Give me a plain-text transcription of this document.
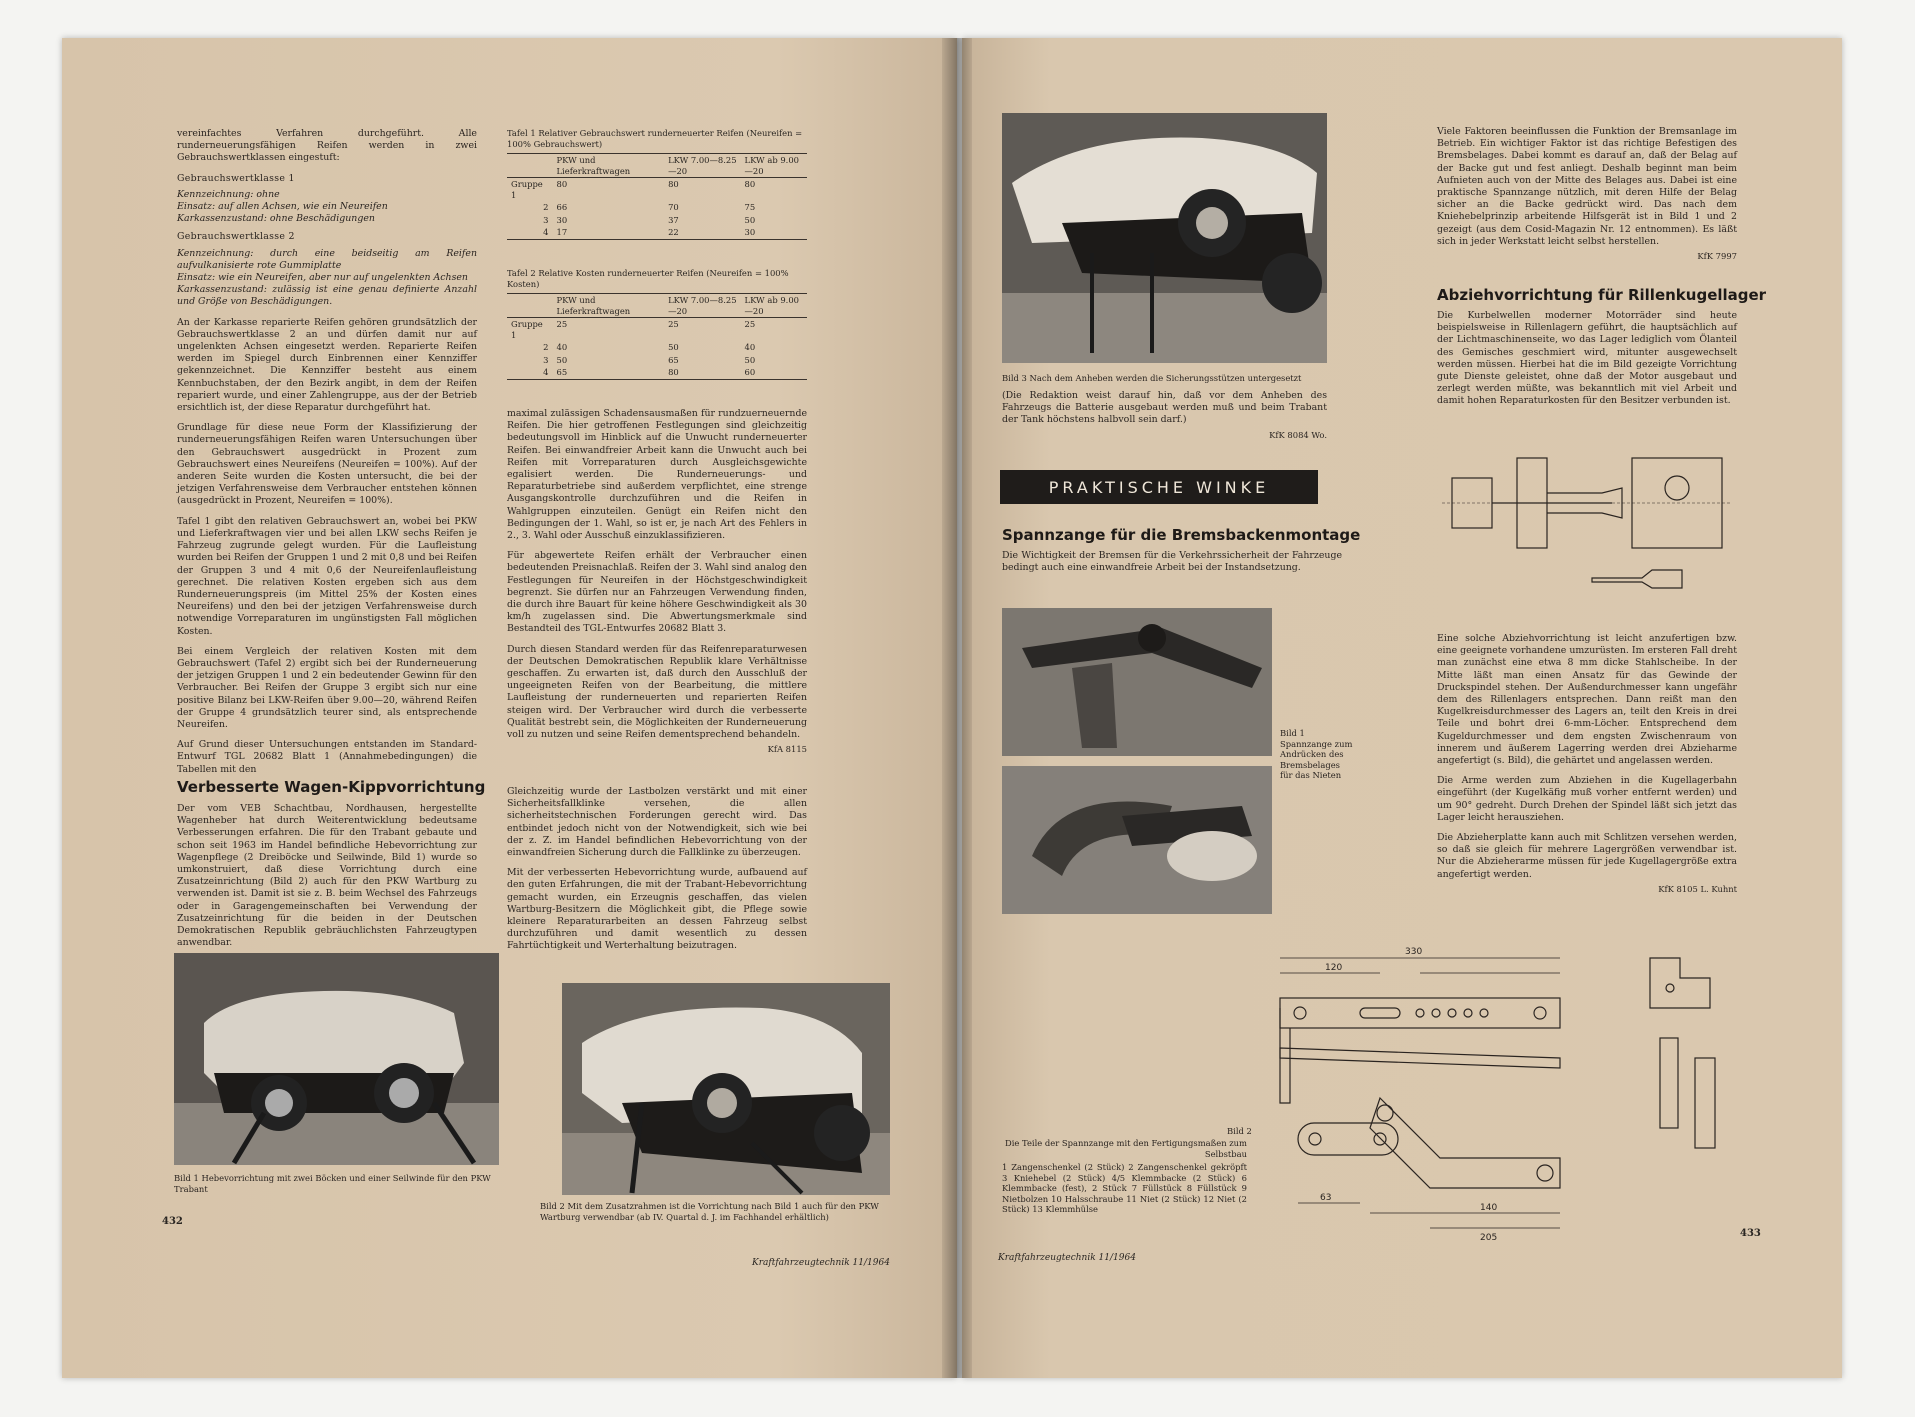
vereinfachtes Verfahren durchgeführt. Alle runderneuerungsfähigen Reifen werden in zwei Gebrauchswertklassen eingestuft:

Gebrauchswertklasse 1
Kennzeichnung: ohne
Einsatz: auf allen Achsen, wie ein Neureifen
Karkassenzustand: ohne Beschädigungen
Gebrauchswertklasse 2
Kennzeichnung: durch eine beidseitig am Reifen aufvulkanisierte rote Gummiplatte
Einsatz: wie ein Neureifen, aber nur auf ungelenkten Achsen
Karkassenzustand: zulässig ist eine genau definierte Anzahl und Größe von Beschädigungen.

An der Karkasse reparierte Reifen gehören grundsätzlich der Gebrauchswertklasse 2 an und dürfen damit nur auf ungelenkten Achsen eingesetzt werden. Reparierte Reifen werden im Spiegel durch Einbrennen einer Kennziffer gekennzeichnet. Die Kennziffer besteht aus einem Kennbuchstaben, der den Bezirk angibt, in dem der Reifen repariert wurde, und einer Zahlengruppe, aus der der Betrieb ersichtlich ist, der diese Reparatur durchgeführt hat.

Grundlage für diese neue Form der Klassifizierung der runderneuerungsfähigen Reifen waren Untersuchungen über den Gebrauchswert ausgedrückt in Prozent zum Gebrauchswert eines Neureifens (Neureifen = 100%). Auf der anderen Seite wurden die Kosten untersucht, die bei der jetzigen Verfahrensweise dem Verbraucher entstehen können (ausgedrückt in Prozent, Neureifen = 100%).

Tafel 1 gibt den relativen Gebrauchswert an, wobei bei PKW und Lieferkraftwagen vier und bei allen LKW sechs Reifen je Fahrzeug zugrunde gelegt wurden. Für die Laufleistung wurden bei Reifen der Gruppen 1 und 2 mit 0,8 und bei Reifen der Gruppen 3 und 4 mit 0,6 der Neureifenlaufleistung gerechnet. Die relativen Kosten ergeben sich aus dem Runderneuerungspreis (im Mittel 25% der Kosten eines Neureifens) und den bei der jetzigen Verfahrensweise durch notwendige Vorreparaturen im ungünstigsten Fall möglichen Kosten.

Bei einem Vergleich der relativen Kosten mit dem Gebrauchswert (Tafel 2) ergibt sich bei der Runderneuerung der jetzigen Gruppen 1 und 2 ein bedeutender Gewinn für den Verbraucher. Bei Reifen der Gruppe 3 ergibt sich nur eine positive Bilanz bei LKW-Reifen über 9.00—20, während Reifen der Gruppe 4 grundsätzlich teurer sind, als entsprechende Neureifen.

Auf Grund dieser Untersuchungen entstanden im Standard-Entwurf TGL 20682 Blatt 1 (Annahmebedingungen) die Tabellen mit den

Tafel 1 Relativer Gebrauchswert runderneuerter Reifen (Neureifen = 100% Gebrauchswert)
	PKW und Lieferkraftwagen	LKW 7.00—8.25—20	LKW ab 9.00—20
Gruppe 1	80	80	80
2	66	70	75
3	30	37	50
4	17	22	30
Tafel 2 Relative Kosten runderneuerter Reifen (Neureifen = 100% Kosten)
	PKW und Lieferkraftwagen	LKW 7.00—8.25—20	LKW ab 9.00—20
Gruppe 1	25	25	25
2	40	50	40
3	50	65	50
4	65	80	60

maximal zulässigen Schadensausmaßen für rundzuerneuernde Reifen. Die hier getroffenen Festlegungen sind gleichzeitig bedeutungsvoll im Hinblick auf die Unwucht runderneuerter Reifen. Bei einwandfreier Arbeit kann die Unwucht auch bei Reifen mit Vorreparaturen durch Ausgleichsgewichte egalisiert werden. Die Runderneuerungs- und Reparaturbetriebe sind außerdem verpflichtet, eine strenge Ausgangskontrolle durchzuführen und die Reifen in Wahlgruppen einzuteilen. Genügt ein Reifen nicht den Bedingungen der 1. Wahl, so ist er, je nach Art des Fehlers in 2., 3. Wahl oder Ausschuß einzuklassifizieren.

Für abgewertete Reifen erhält der Verbraucher einen bedeutenden Preisnachlaß. Reifen der 3. Wahl sind analog den Festlegungen für Neureifen in der Höchstgeschwindigkeit begrenzt. Sie dürfen nur an Fahrzeugen Verwendung finden, die durch ihre Bauart für keine höhere Geschwindigkeit als 30 km/h zugelassen sind. Die Abwertungsmerkmale sind Bestandteil des TGL-Entwurfes 20682 Blatt 3.

Durch diesen Standard werden für das Reifenreparaturwesen der Deutschen Demokratischen Republik klare Verhältnisse geschaffen. Zu erwarten ist, daß durch den Ausschluß der ungeeigneten Reifen von der Bearbeitung, die mittlere Laufleistung der runderneuerten und reparierten Reifen steigen wird. Der Verbraucher wird durch die verbesserte Qualität bestrebt sein, die Möglichkeiten der Runderneuerung voll zu nutzen und seine Reifen dementsprechend behandeln.

KfA 8115
Verbesserte Wagen-Kippvorrichtung

Der vom VEB Schachtbau, Nordhausen, hergestellte Wagenheber hat durch Weiterentwicklung bedeutsame Verbesserungen erfahren. Die für den Trabant gebaute und schon seit 1963 im Handel befindliche Hebevorrichtung zur Wagenpflege (2 Dreiböcke und Seilwinde, Bild 1) wurde so umkonstruiert, daß diese Vorrichtung durch eine Zusatzeinrichtung (Bild 2) auch für den PKW Wartburg zu verwenden ist. Damit ist sie z. B. beim Wechsel des Fahrzeugs oder in Garagengemeinschaften bei Verwendung der Zusatzeinrichtung für die beiden in der Deutschen Demokratischen Republik gebräuchlichsten Fahrzeugtypen anwendbar.

Gleichzeitig wurde der Lastbolzen verstärkt und mit einer Sicherheitsfallklinke versehen, die allen sicherheitstechnischen Forderungen gerecht wird. Das entbindet jedoch nicht von der Notwendigkeit, sich wie bei der z. Z. im Handel befindlichen Hebevorrichtung von der einwandfreien Sicherung durch die Fallklinke zu überzeugen.

Mit der verbesserten Hebevorrichtung wurde, aufbauend auf den guten Erfahrungen, die mit der Trabant-Hebevorrichtung gemacht wurden, ein Erzeugnis geschaffen, das vielen Wartburg-Besitzern die Möglichkeit gibt, die Pflege sowie kleinere Reparaturarbeiten an dessen Fahrzeug selbst durchzuführen und damit wesentlich zu dessen Fahrtüchtigkeit und Werterhaltung beizutragen.

Bild 1 Hebevorrichtung mit zwei Böcken und einer Seilwinde für den PKW Trabant
Bild 2 Mit dem Zusatzrahmen ist die Vorrichtung nach Bild 1 auch für den PKW Wartburg verwendbar (ab IV. Quartal d. J. im Fachhandel erhältlich)
432
Kraftfahrzeugtechnik 11/1964
Bild 3 Nach dem Anheben werden die Sicherungsstützen untergesetzt

(Die Redaktion weist darauf hin, daß vor dem Anheben des Fahrzeugs die Batterie ausgebaut werden muß und beim Trabant der Tank höchstens halbvoll sein darf.)

KfK 8084 Wo.
PRAKTISCHE WINKE
Spannzange für die Bremsbackenmontage

Die Wichtigkeit der Bremsen für die Verkehrssicherheit der Fahrzeuge bedingt auch eine einwandfreie Arbeit bei der Instandsetzung.

Bild 1 Spannzange zum Andrücken des Bremsbelages für das Nieten
Bild 2
Die Teile der Spannzange mit den Fertigungsmaßen zum Selbstbau
1 Zangenschenkel (2 Stück) 2 Zangenschenkel gekröpft 3 Kniehebel (2 Stück) 4/5 Klemmbacke (2 Stück) 6 Klemmbacke (fest), 2 Stück 7 Füllstück 8 Füllstück 9 Nietbolzen 10 Halsschraube 11 Niet (2 Stück) 12 Niet (2 Stück) 13 Klemmhülse
330
120
140
205
63

Viele Faktoren beeinflussen die Funktion der Bremsanlage im Betrieb. Ein wichtiger Faktor ist das richtige Befestigen des Bremsbelages. Dabei kommt es darauf an, daß der Belag auf der Backe gut und fest anliegt. Deshalb beginnt man beim Aufnieten auch von der Mitte des Belages aus. Dabei ist eine praktische Spannzange nützlich, mit deren Hilfe der Belag sicher an die Backe gedrückt wird. Das nach dem Kniehebelprinzip arbeitende Hilfsgerät ist in Bild 1 und 2 gezeigt (aus dem Cosid-Magazin Nr. 12 entnommen). Es läßt sich in jeder Werkstatt leicht selbst herstellen.

KfK 7997
Abziehvorrichtung für Rillenkugellager

Die Kurbelwellen moderner Motorräder sind heute beispielsweise in Rillenlagern geführt, die hauptsächlich auf der Lichtmaschinenseite, wo das Lager lediglich vom Ölanteil des Gemisches geschmiert wird, mitunter ausgewechselt werden müssen. Hierbei hat die im Bild gezeigte Vorrichtung gute Dienste geleistet, ohne daß der Motor ausgebaut und zerlegt werden müßte, was bekanntlich mit viel Arbeit und damit hohen Reparaturkosten für den Besitzer verbunden ist.

Eine solche Abziehvorrichtung ist leicht anzufertigen bzw. eine geeignete vorhandene umzurüsten. Im ersteren Fall dreht man zunächst eine etwa 8 mm dicke Stahlscheibe. In der Mitte läßt man einen Ansatz für das Gewinde der Druckspindel stehen. Der Außendurchmesser kann ungefähr dem des Rillenlagers entsprechen. Dann reißt man den Kugelkreisdurchmesser des Lagers an, teilt den Kreis in drei Teile und bohrt drei 6-mm-Löcher. Entsprechend dem Kugeldurchmesser und dem engsten Zwischenraum von innerem und äußerem Lagerring werden drei Abzieharme angefertigt (s. Bild), die gehärtet und angelassen werden.

Die Arme werden zum Abziehen in die Kugellagerbahn eingeführt (der Kugelkäfig muß vorher entfernt werden) und um 90° gedreht. Durch Drehen der Spindel läßt sich jetzt das Lager leicht herausziehen.

Die Abzieherplatte kann auch mit Schlitzen versehen werden, so daß sie gleich für mehrere Lagergrößen verwendbar ist. Nur die Abzieherarme müssen für jede Kugellagergröße extra angefertigt werden.

KfK 8105 L. Kuhnt
433
Kraftfahrzeugtechnik 11/1964
